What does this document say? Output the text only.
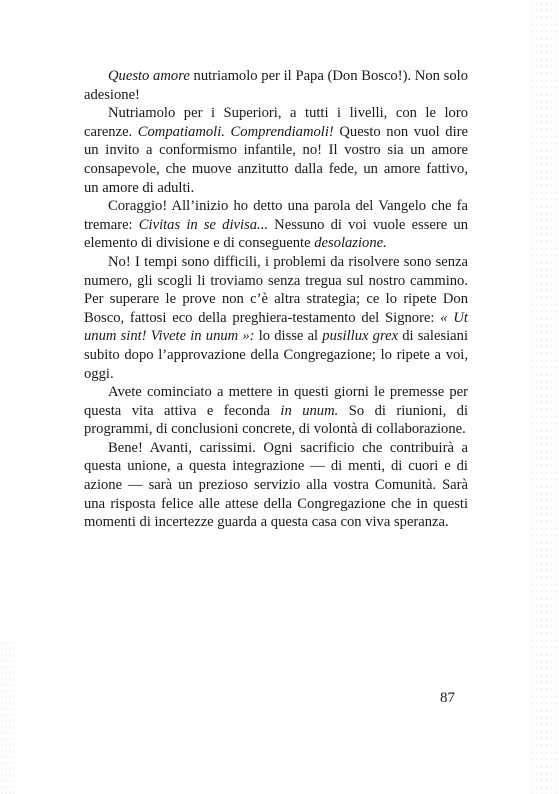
Questo amore nutriamolo per il Papa (Don Bosco!). Non solo adesione!

Nutriamolo per i Superiori, a tutti i livelli, con le loro carenze. Compatiamoli. Comprendiamoli! Questo non vuol dire un invito a conformismo infantile, no! Il vostro sia un amore consapevole, che muove anzitutto dalla fede, un amore fattivo, un amore di adulti.

Coraggio! All’inizio ho detto una parola del Vangelo che fa tremare: Civitas in se divisa... Nessuno di voi vuole essere un elemento di divisione e di conseguente desolazione.

No! I tempi sono difficili, i problemi da risolvere sono senza numero, gli scogli li troviamo senza tregua sul nostro cammino. Per superare le prove non c’è altra strategia; ce lo ripete Don Bosco, fattosi eco della preghiera-testamento del Signore: « Ut unum sint! Vivete in unum »: lo disse al pusillux grex di salesiani subito dopo l’approvazione della Congregazione; lo ripete a voi, oggi.

Avete cominciato a mettere in questi giorni le premesse per questa vita attiva e feconda in unum. So di riunioni, di programmi, di conclusioni concrete, di volontà di collaborazione.

Bene! Avanti, carissimi. Ogni sacrificio che contribuirà a questa unione, a questa integrazione — di menti, di cuori e di azione — sarà un prezioso servizio alla vostra Comunità. Sarà una risposta felice alle attese della Congregazione che in questi momenti di incertezze guarda a questa casa con viva speranza.

87
